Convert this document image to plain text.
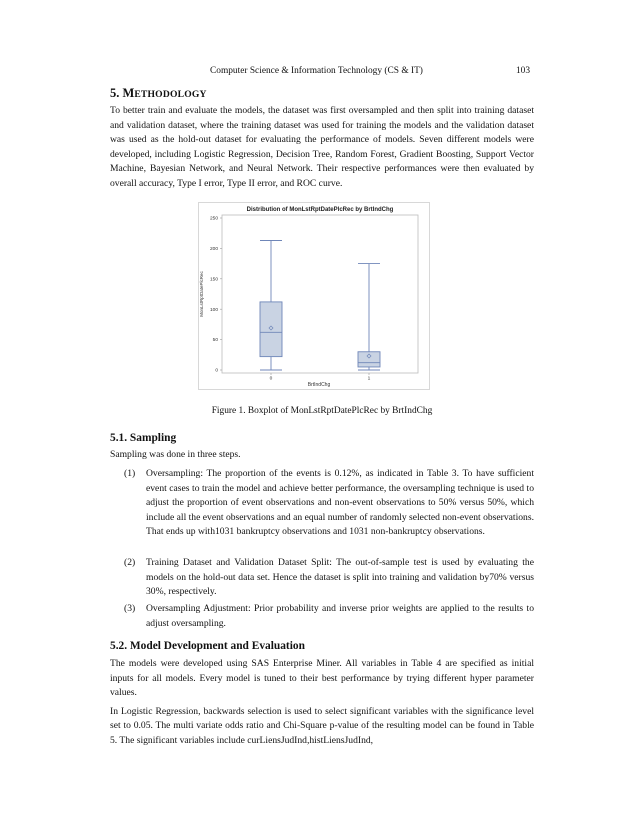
Computer Science & Information Technology (CS & IT)	103
5. METHODOLOGY

To better train and evaluate the models, the dataset was first oversampled and then split into training dataset and validation dataset, where the training dataset was used for training the models and the validation dataset was used as the hold-out dataset for evaluating the performance of models. Seven different models were developed, including Logistic Regression, Decision Tree, Random Forest, Gradient Boosting, Support Vector Machine, Bayesian Network, and Neural Network. Their respective performances were then evaluated by overall accuracy, Type I error, Type II error, and ROC curve.

Distribution of MonLstRptDatePlcRec by BrtIndChg
0
50
100
150
200
250
0	1
BrtIndChg
MonLstRptDatePlcRec
Figure 1. Boxplot of MonLstRptDatePlcRec by BrtIndChg
5.1. Sampling

Sampling was done in three steps.

(1) Oversampling: The proportion of the events is 0.12%, as indicated in Table 3. To have sufficient event cases to train the model and achieve better performance, the oversampling technique is used to adjust the proportion of event observations and non-event observations to 50% versus 50%, which include all the event observations and an equal number of randomly selected non-event observations. That ends up with1031 bankruptcy observations and 1031 non-bankruptcy observations.

(2) Training Dataset and Validation Dataset Split: The out-of-sample test is used by evaluating the models on the hold-out data set. Hence the dataset is split into training and validation by70% versus 30%, respectively.

(3) Oversampling Adjustment: Prior probability and inverse prior weights are applied to the results to adjust oversampling.

5.2. Model Development and Evaluation

The models were developed using SAS Enterprise Miner. All variables in Table 4 are specified as initial inputs for all models. Every model is tuned to their best performance by trying different hyper parameter values.

In Logistic Regression, backwards selection is used to select significant variables with the significance level set to 0.05. The multi variate odds ratio and Chi-Square p-value of the resulting model can be found in Table 5. The significant variables include curLiensJudInd,histLiensJudInd,
